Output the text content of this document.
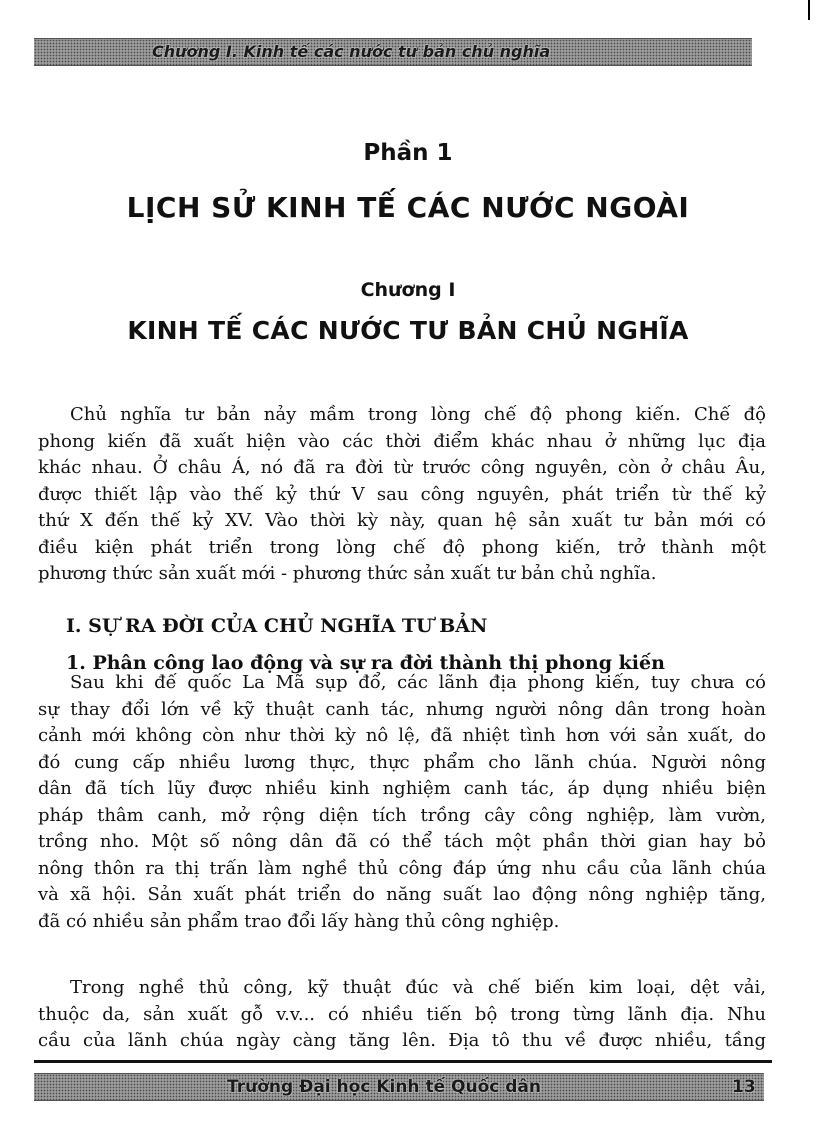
Chương I. Kinh tế các nước tư bản chủ nghĩa
Phần 1
LỊCH SỬ KINH TẾ CÁC NƯỚC NGOÀI
Chương I
KINH TẾ CÁC NƯỚC TƯ BẢN CHỦ NGHĨA

Chủ nghĩa tư bản nảy mầm trong lòng chế độ phong kiến. Chế độ
phong kiến đã xuất hiện vào các thời điểm khác nhau ở những lục địa
khác nhau. Ở châu Á, nó đã ra đời từ trước công nguyên, còn ở châu Âu,
được thiết lập vào thế kỷ thứ V sau công nguyên, phát triển từ thế kỷ
thứ X đến thế kỷ XV. Vào thời kỳ này, quan hệ sản xuất tư bản mới có
điều kiện phát triển trong lòng chế độ phong kiến, trở thành một
phương thức sản xuất mới - phương thức sản xuất tư bản chủ nghĩa.

I. SỰ RA ĐỜI CỦA CHỦ NGHĨA TƯ BẢN
1. Phân công lao động và sự ra đời thành thị phong kiến

Sau khi đế quốc La Mã sụp đổ, các lãnh địa phong kiến, tuy chưa có
sự thay đổi lớn về kỹ thuật canh tác, nhưng người nông dân trong hoàn
cảnh mới không còn như thời kỳ nô lệ, đã nhiệt tình hơn với sản xuất, do
đó cung cấp nhiều lương thực, thực phẩm cho lãnh chúa. Người nông
dân đã tích lũy được nhiều kinh nghiệm canh tác, áp dụng nhiều biện
pháp thâm canh, mở rộng diện tích trồng cây công nghiệp, làm vườn,
trồng nho. Một số nông dân đã có thể tách một phần thời gian hay bỏ
nông thôn ra thị trấn làm nghề thủ công đáp ứng nhu cầu của lãnh chúa
và xã hội. Sản xuất phát triển do năng suất lao động nông nghiệp tăng,
đã có nhiều sản phẩm trao đổi lấy hàng thủ công nghiệp.

Trong nghề thủ công, kỹ thuật đúc và chế biến kim loại, dệt vải,
thuộc da, sản xuất gỗ v.v... có nhiều tiến bộ trong từng lãnh địa. Nhu
cầu của lãnh chúa ngày càng tăng lên. Địa tô thu về được nhiều, tầng

Trường Đại học Kinh tế Quốc dân	13
